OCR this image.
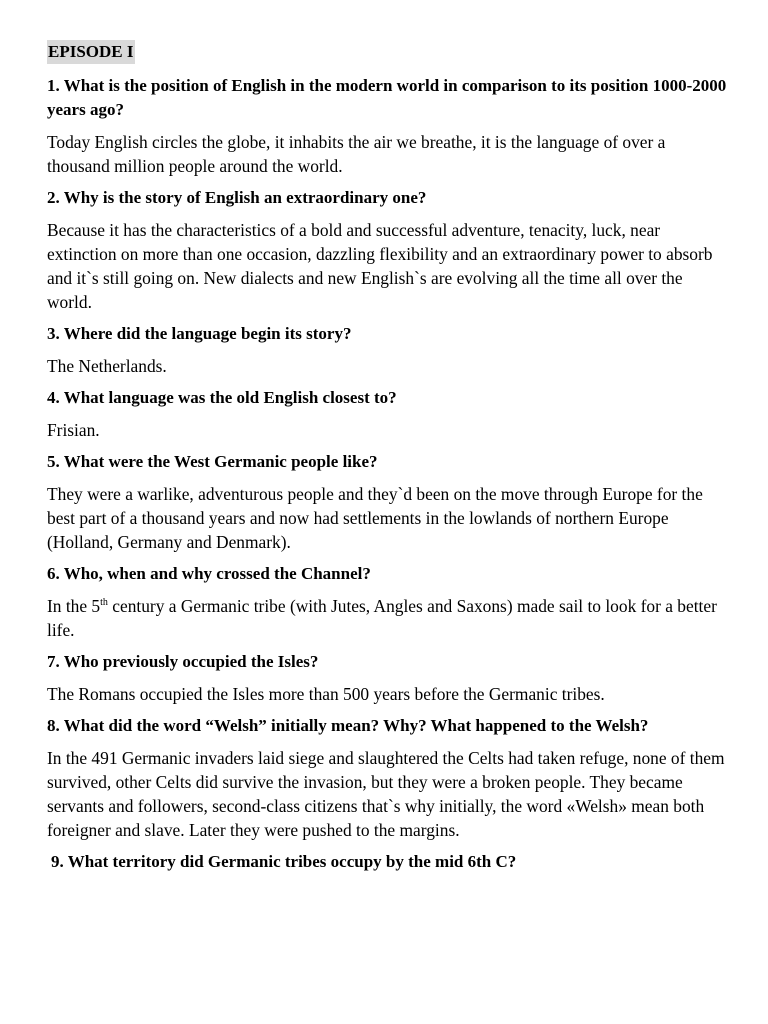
EPISODE I

1. What is the position of English in the modern world in comparison to its position 1000-2000 years ago?

Today English circles the globe, it inhabits the air we breathe, it is the language of over a thousand million people around the world.

2. Why is the story of English an extraordinary one?

Because it has the characteristics of a bold and successful adventure, tenacity, luck, near extinction on more than one occasion, dazzling flexibility and an extraordinary power to absorb and it`s still going on. New dialects and new English`s are evolving all the time all over the world.

3. Where did the language begin its story?

The Netherlands.

4. What language was the old English closest to?

Frisian.

5. What were the West Germanic people like?

They were a warlike, adventurous people and they`d been on the move through Europe for the best part of a thousand years and now had settlements in the lowlands of northern Europe (Holland, Germany and Denmark).

6. Who, when and why crossed the Channel?

In the 5th century a Germanic tribe (with Jutes, Angles and Saxons) made sail to look for a better life.

7. Who previously occupied the Isles?

The Romans occupied the Isles more than 500 years before the Germanic tribes.

8. What did the word “Welsh” initially mean? Why? What happened to the Welsh?

In the 491 Germanic invaders laid siege and slaughtered the Celts had taken refuge, none of them survived, other Celts did survive the invasion, but they were a broken people. They became servants and followers, second-class citizens that`s why initially, the word «Welsh» mean both foreigner and slave. Later they were pushed to the margins.

9. What territory did Germanic tribes occupy by the mid 6th C?
